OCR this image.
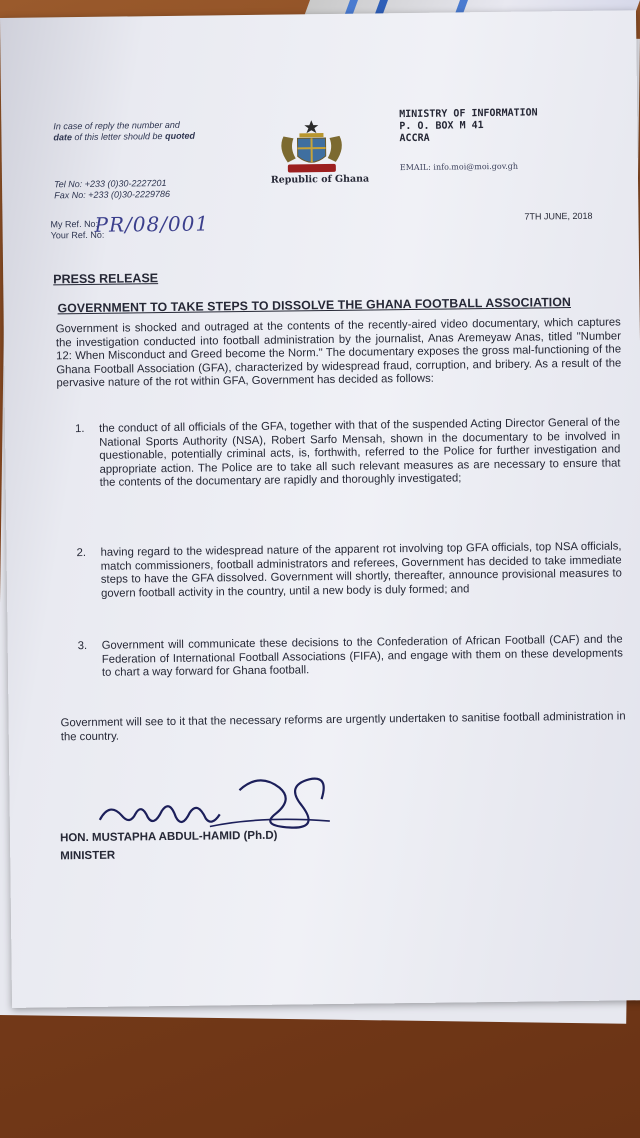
In case of reply the number and
date of this letter should be quoted
Tel No: +233 (0)30-2227201
Fax No: +233 (0)30-2229786
My Ref. No:
Your Ref. No:
PR/08/001
Republic of Ghana
MINISTRY OF INFORMATION
P. O. BOX M 41
ACCRA
EMAIL: info.moi@moi.gov.gh
7TH JUNE, 2018
PRESS RELEASE
GOVERNMENT TO TAKE STEPS TO DISSOLVE THE GHANA FOOTBALL ASSOCIATION
Government is shocked and outraged at the contents of the recently-aired video documentary, which captures the investigation conducted into football administration by the journalist, Anas Aremeyaw Anas, titled "Number 12: When Misconduct and Greed become the Norm." The documentary exposes the gross mal-functioning of the Ghana Football Association (GFA), characterized by widespread fraud, corruption, and bribery. As a result of the pervasive nature of the rot within GFA, Government has decided as follows:
1.	the conduct of all officials of the GFA, together with that of the suspended Acting Director General of the National Sports Authority (NSA), Robert Sarfo Mensah, shown in the documentary to be involved in questionable, potentially criminal acts, is, forthwith, referred to the Police for further investigation and appropriate action. The Police are to take all such relevant measures as are necessary to ensure that the contents of the documentary are rapidly and thoroughly investigated;
2.	having regard to the widespread nature of the apparent rot involving top GFA officials, top NSA officials, match commissioners, football administrators and referees, Government has decided to take immediate steps to have the GFA dissolved. Government will shortly, thereafter, announce provisional measures to govern football activity in the country, until a new body is duly formed; and
3.	Government will communicate these decisions to the Confederation of African Football (CAF) and the Federation of International Football Associations (FIFA), and engage with them on these developments to chart a way forward for Ghana football.
Government will see to it that the necessary reforms are urgently undertaken to sanitise football administration in the country.
HON. MUSTAPHA ABDUL-HAMID (Ph.D)
MINISTER
